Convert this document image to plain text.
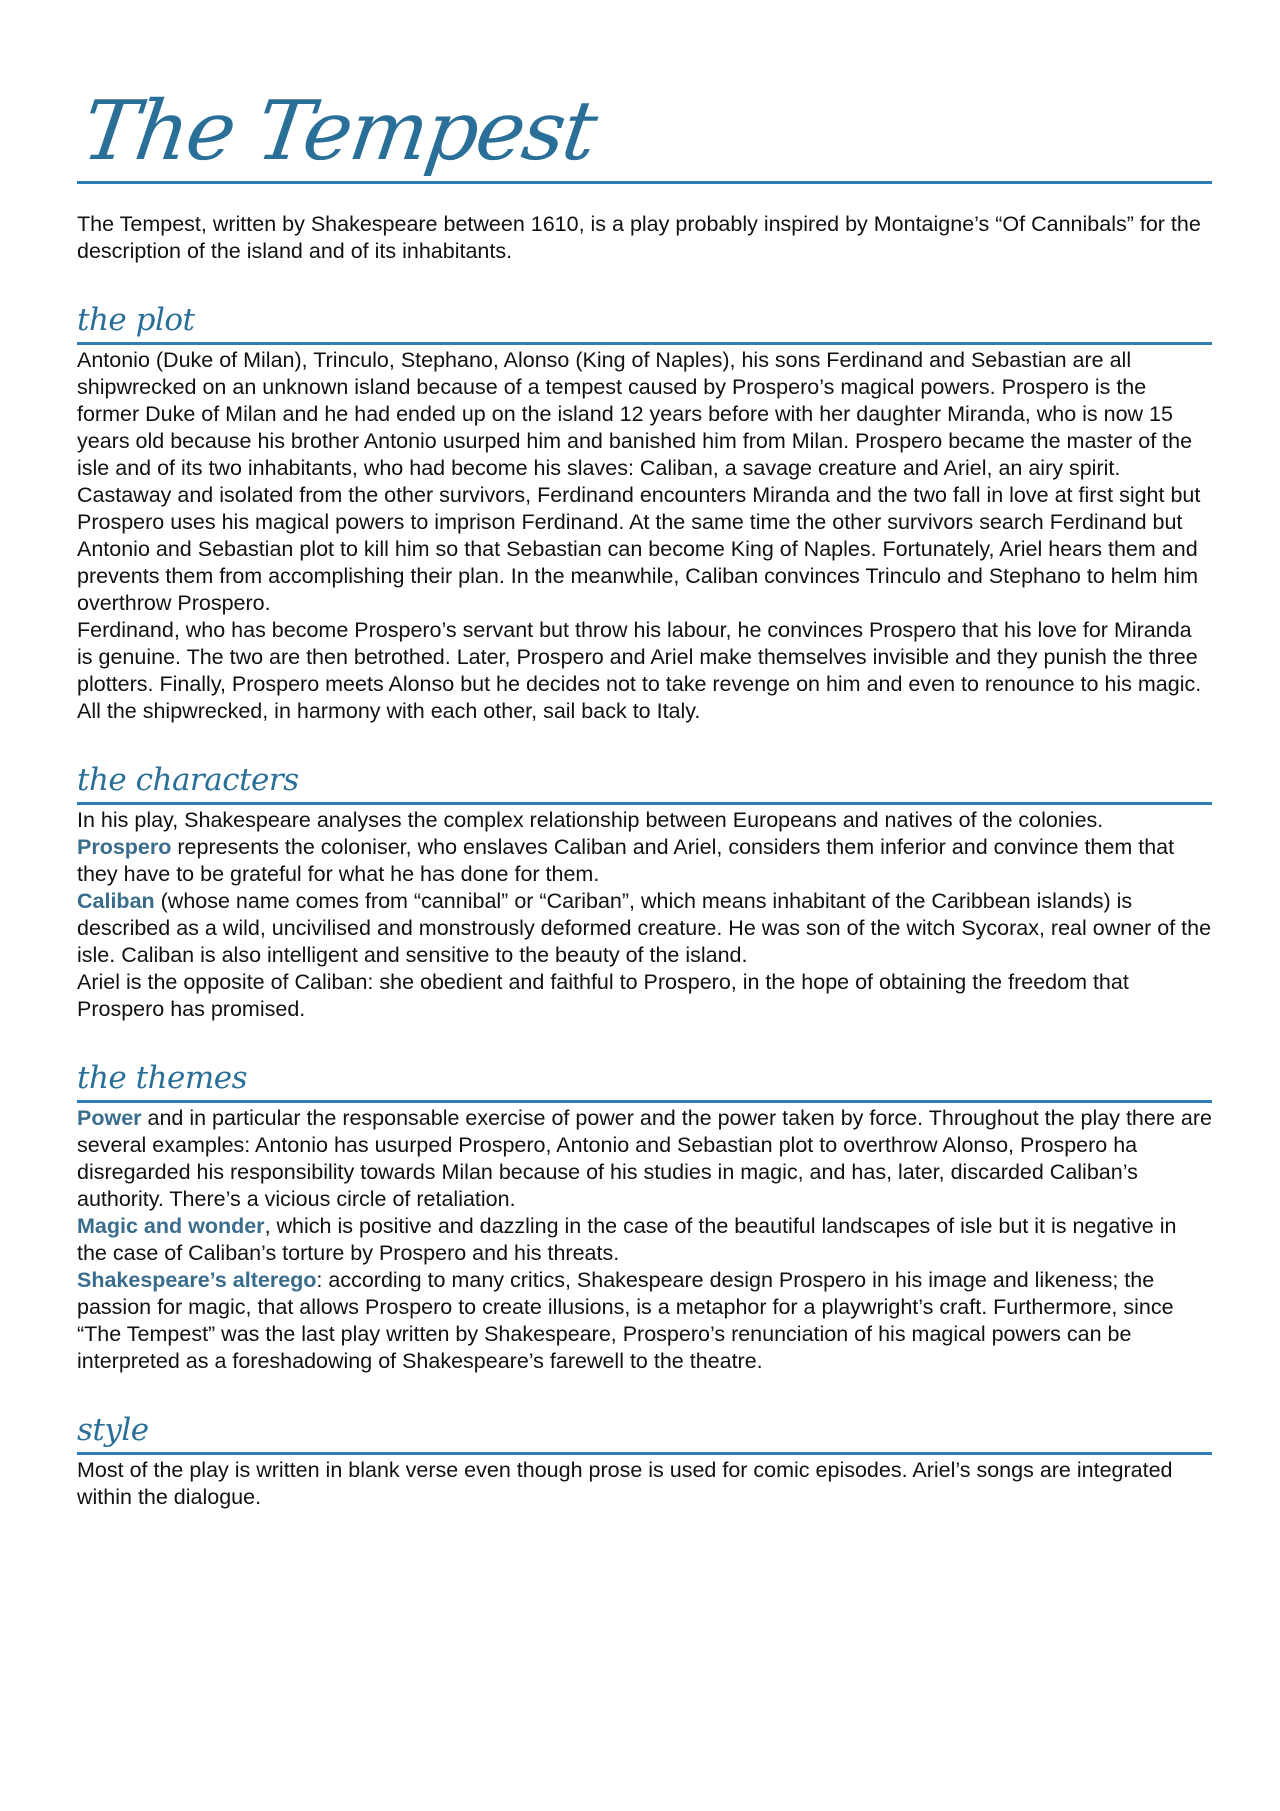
The Tempest
The Tempest, written by Shakespeare between 1610, is a play probably inspired by Montaigne’s “Of Cannibals” for the description of the island and of its inhabitants.
the plot

Antonio (Duke of Milan), Trinculo, Stephano, Alonso (King of Naples), his sons Ferdinand and Sebastian are all shipwrecked on an unknown island because of a tempest caused by Prospero’s magical powers. Prospero is the former Duke of Milan and he had ended up on the island 12 years before with her daughter Miranda, who is now 15 years old because his brother Antonio usurped him and banished him from Milan. Prospero became the master of the isle and of its two inhabitants, who had become his slaves: Caliban, a savage creature and Ariel, an airy spirit.

Castaway and isolated from the other survivors, Ferdinand encounters Miranda and the two fall in love at first sight but Prospero uses his magical powers to imprison Ferdinand. At the same time the other survivors search Ferdinand but Antonio and Sebastian plot to kill him so that Sebastian can become King of Naples. Fortunately, Ariel hears them and prevents them from accomplishing their plan. In the meanwhile, Caliban convinces Trinculo and Stephano to helm him overthrow Prospero.

Ferdinand, who has become Prospero’s servant but throw his labour, he convinces Prospero that his love for Miranda is genuine. The two are then betrothed. Later, Prospero and Ariel make themselves invisible and they punish the three plotters. Finally, Prospero meets Alonso but he decides not to take revenge on him and even to renounce to his magic. All the shipwrecked, in harmony with each other, sail back to Italy.

the characters

In his play, Shakespeare analyses the complex relationship between Europeans and natives of the colonies.

Prospero represents the coloniser, who enslaves Caliban and Ariel, considers them inferior and convince them that they have to be grateful for what he has done for them.

Caliban (whose name comes from “cannibal” or “Cariban”, which means inhabitant of the Caribbean islands) is described as a wild, uncivilised and monstrously deformed creature. He was son of the witch Sycorax, real owner of the isle. Caliban is also intelligent and sensitive to the beauty of the island.

Ariel is the opposite of Caliban: she obedient and faithful to Prospero, in the hope of obtaining the freedom that Prospero has promised.

the themes

Power and in particular the responsable exercise of power and the power taken by force. Throughout the play there are several examples: Antonio has usurped Prospero, Antonio and Sebastian plot to overthrow Alonso, Prospero ha disregarded his responsibility towards Milan because of his studies in magic, and has, later, discarded Caliban’s authority. There’s a vicious circle of retaliation.

Magic and wonder, which is positive and dazzling in the case of the beautiful landscapes of isle but it is negative in the case of Caliban’s torture by Prospero and his threats.

Shakespeare’s alterego: according to many critics, Shakespeare design Prospero in his image and likeness; the passion for magic, that allows Prospero to create illusions, is a metaphor for a playwright’s craft. Furthermore, since “The Tempest” was the last play written by Shakespeare, Prospero’s renunciation of his magical powers can be interpreted as a foreshadowing of Shakespeare’s farewell to the theatre.

style

Most of the play is written in blank verse even though prose is used for comic episodes. Ariel’s songs are integrated within the dialogue.
